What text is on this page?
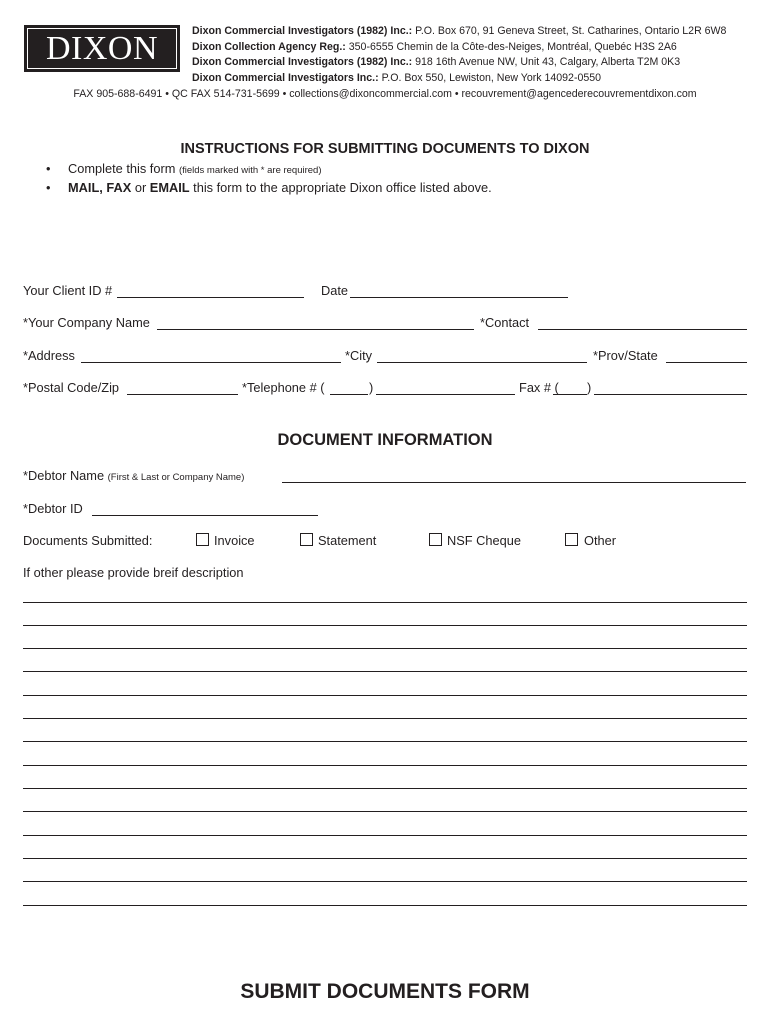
DIXON	Dixon Commercial Investigators (1982) Inc.: P.O. Box 670, 91 Geneva Street, St. Catharines, Ontario L2R 6W8
Dixon Collection Agency Reg.: 350-6555 Chemin de la Côte-des-Neiges, Montréal, Quebéc H3S 2A6
Dixon Commercial Investigators (1982) Inc.: 918 16th Avenue NW, Unit 43, Calgary, Alberta T2M 0K3
Dixon Commercial Investigators Inc.: P.O. Box 550, Lewiston, New York 14092-0550
FAX 905-688-6491 • QC FAX 514-731-5699 • collections@dixoncommercial.com • recouvrement@agencederecouvrementdixon.com
INSTRUCTIONS FOR SUBMITTING DOCUMENTS TO DIXON
• Complete this form (fields marked with * are required)
• MAIL, FAX or EMAIL this form to the appropriate Dixon office listed above.
Your Client ID #	Date
*Your Company Name	*Contact
*Address	*City	*Prov/State
*Postal Code/Zip	*Telephone # (	)	Fax # ( )
DOCUMENT INFORMATION
*Debtor Name (First & Last or Company Name)
*Debtor ID
Documents Submitted:	Invoice	Statement	NSF Cheque	Other
If other please provide breif description
SUBMIT DOCUMENTS FORM
